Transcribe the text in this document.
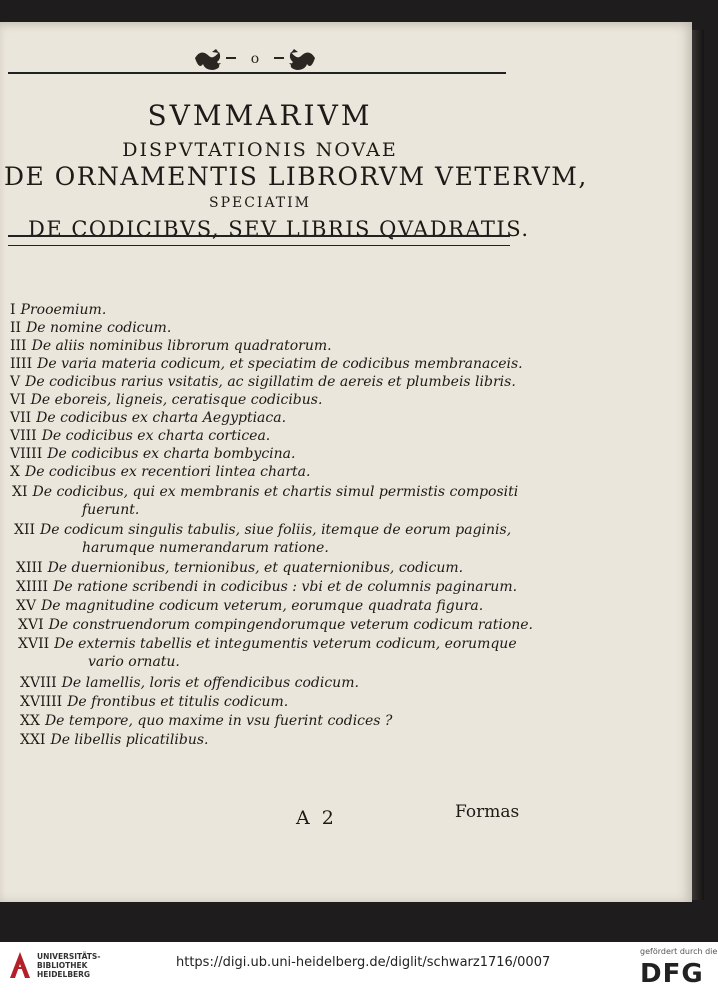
o
SVMMARIVM
DISPVTATIONIS NOVAE
DE ORNAMENTIS LIBRORVM VETERVM,
SPECIATIM
DE CODICIBVS, SEV LIBRIS QVADRATIS.
I Prooemium.
II De nomine codicum.
III De aliis nominibus librorum quadratorum.
IIII De varia materia codicum, et speciatim de codicibus membranaceis.
V De codicibus rarius vsitatis, ac sigillatim de aereis et plumbeis libris.
VI De eboreis, ligneis, ceratisque codicibus.
VII De codicibus ex charta Aegyptiaca.
VIII De codicibus ex charta corticea.
VIIII De codicibus ex charta bombycina.
X De codicibus ex recentiori lintea charta.
XI De codicibus, qui ex membranis et chartis simul permistis compositi
fuerunt.
XII De codicum singulis tabulis, siue foliis, itemque de eorum paginis,
harumque numerandarum ratione.
XIII De duernionibus, ternionibus, et quaternionibus, codicum.
XIIII De ratione scribendi in codicibus : vbi et de columnis paginarum.
XV De magnitudine codicum veterum, eorumque quadrata figura.
XVI De construendorum compingendorumque veterum codicum ratione.
XVII De externis tabellis et integumentis veterum codicum, eorumque
vario ornatu.
XVIII De lamellis, loris et offendicibus codicum.
XVIIII De frontibus et titulis codicum.
XX De tempore, quo maxime in vsu fuerint codices ?
XXI De libellis plicatilibus.
A 2	Formas
UNIVERSITÄTS-
BIBLIOTHEK
HEIDELBERG
https://digi.ub.uni-heidelberg.de/diglit/schwarz1716/0007
gefördert durch die
DFG
